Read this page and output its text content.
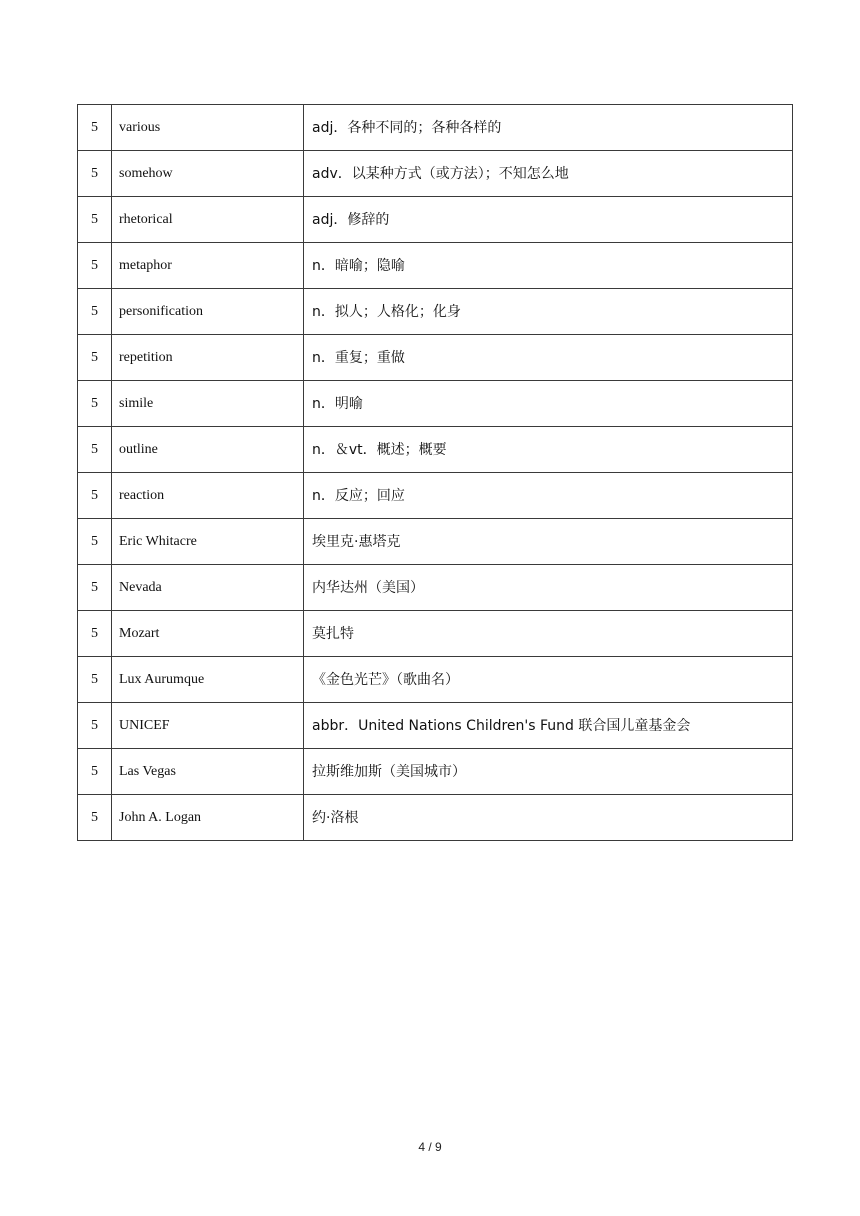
5	various	adj．各种不同的；各种各样的
5	somehow	adv．以某种方式（或方法）；不知怎么地
5	rhetorical	adj．修辞的
5	metaphor	n．暗喻；隐喻
5	personification	n．拟人；人格化；化身
5	repetition	n．重复；重做
5	simile	n．明喻
5	outline	n．＆vt．概述；概要
5	reaction	n．反应；回应
5	Eric Whitacre	埃里克·惠塔克
5	Nevada	内华达州（美国）
5	Mozart	莫扎特
5	Lux Aurumque	《金色光芒》（歌曲名）
5	UNICEF	abbr．United Nations Children's Fund 联合国儿童基金会
5	Las Vegas	拉斯维加斯（美国城市）
5	John A. Logan	约·洛根
4 / 9
